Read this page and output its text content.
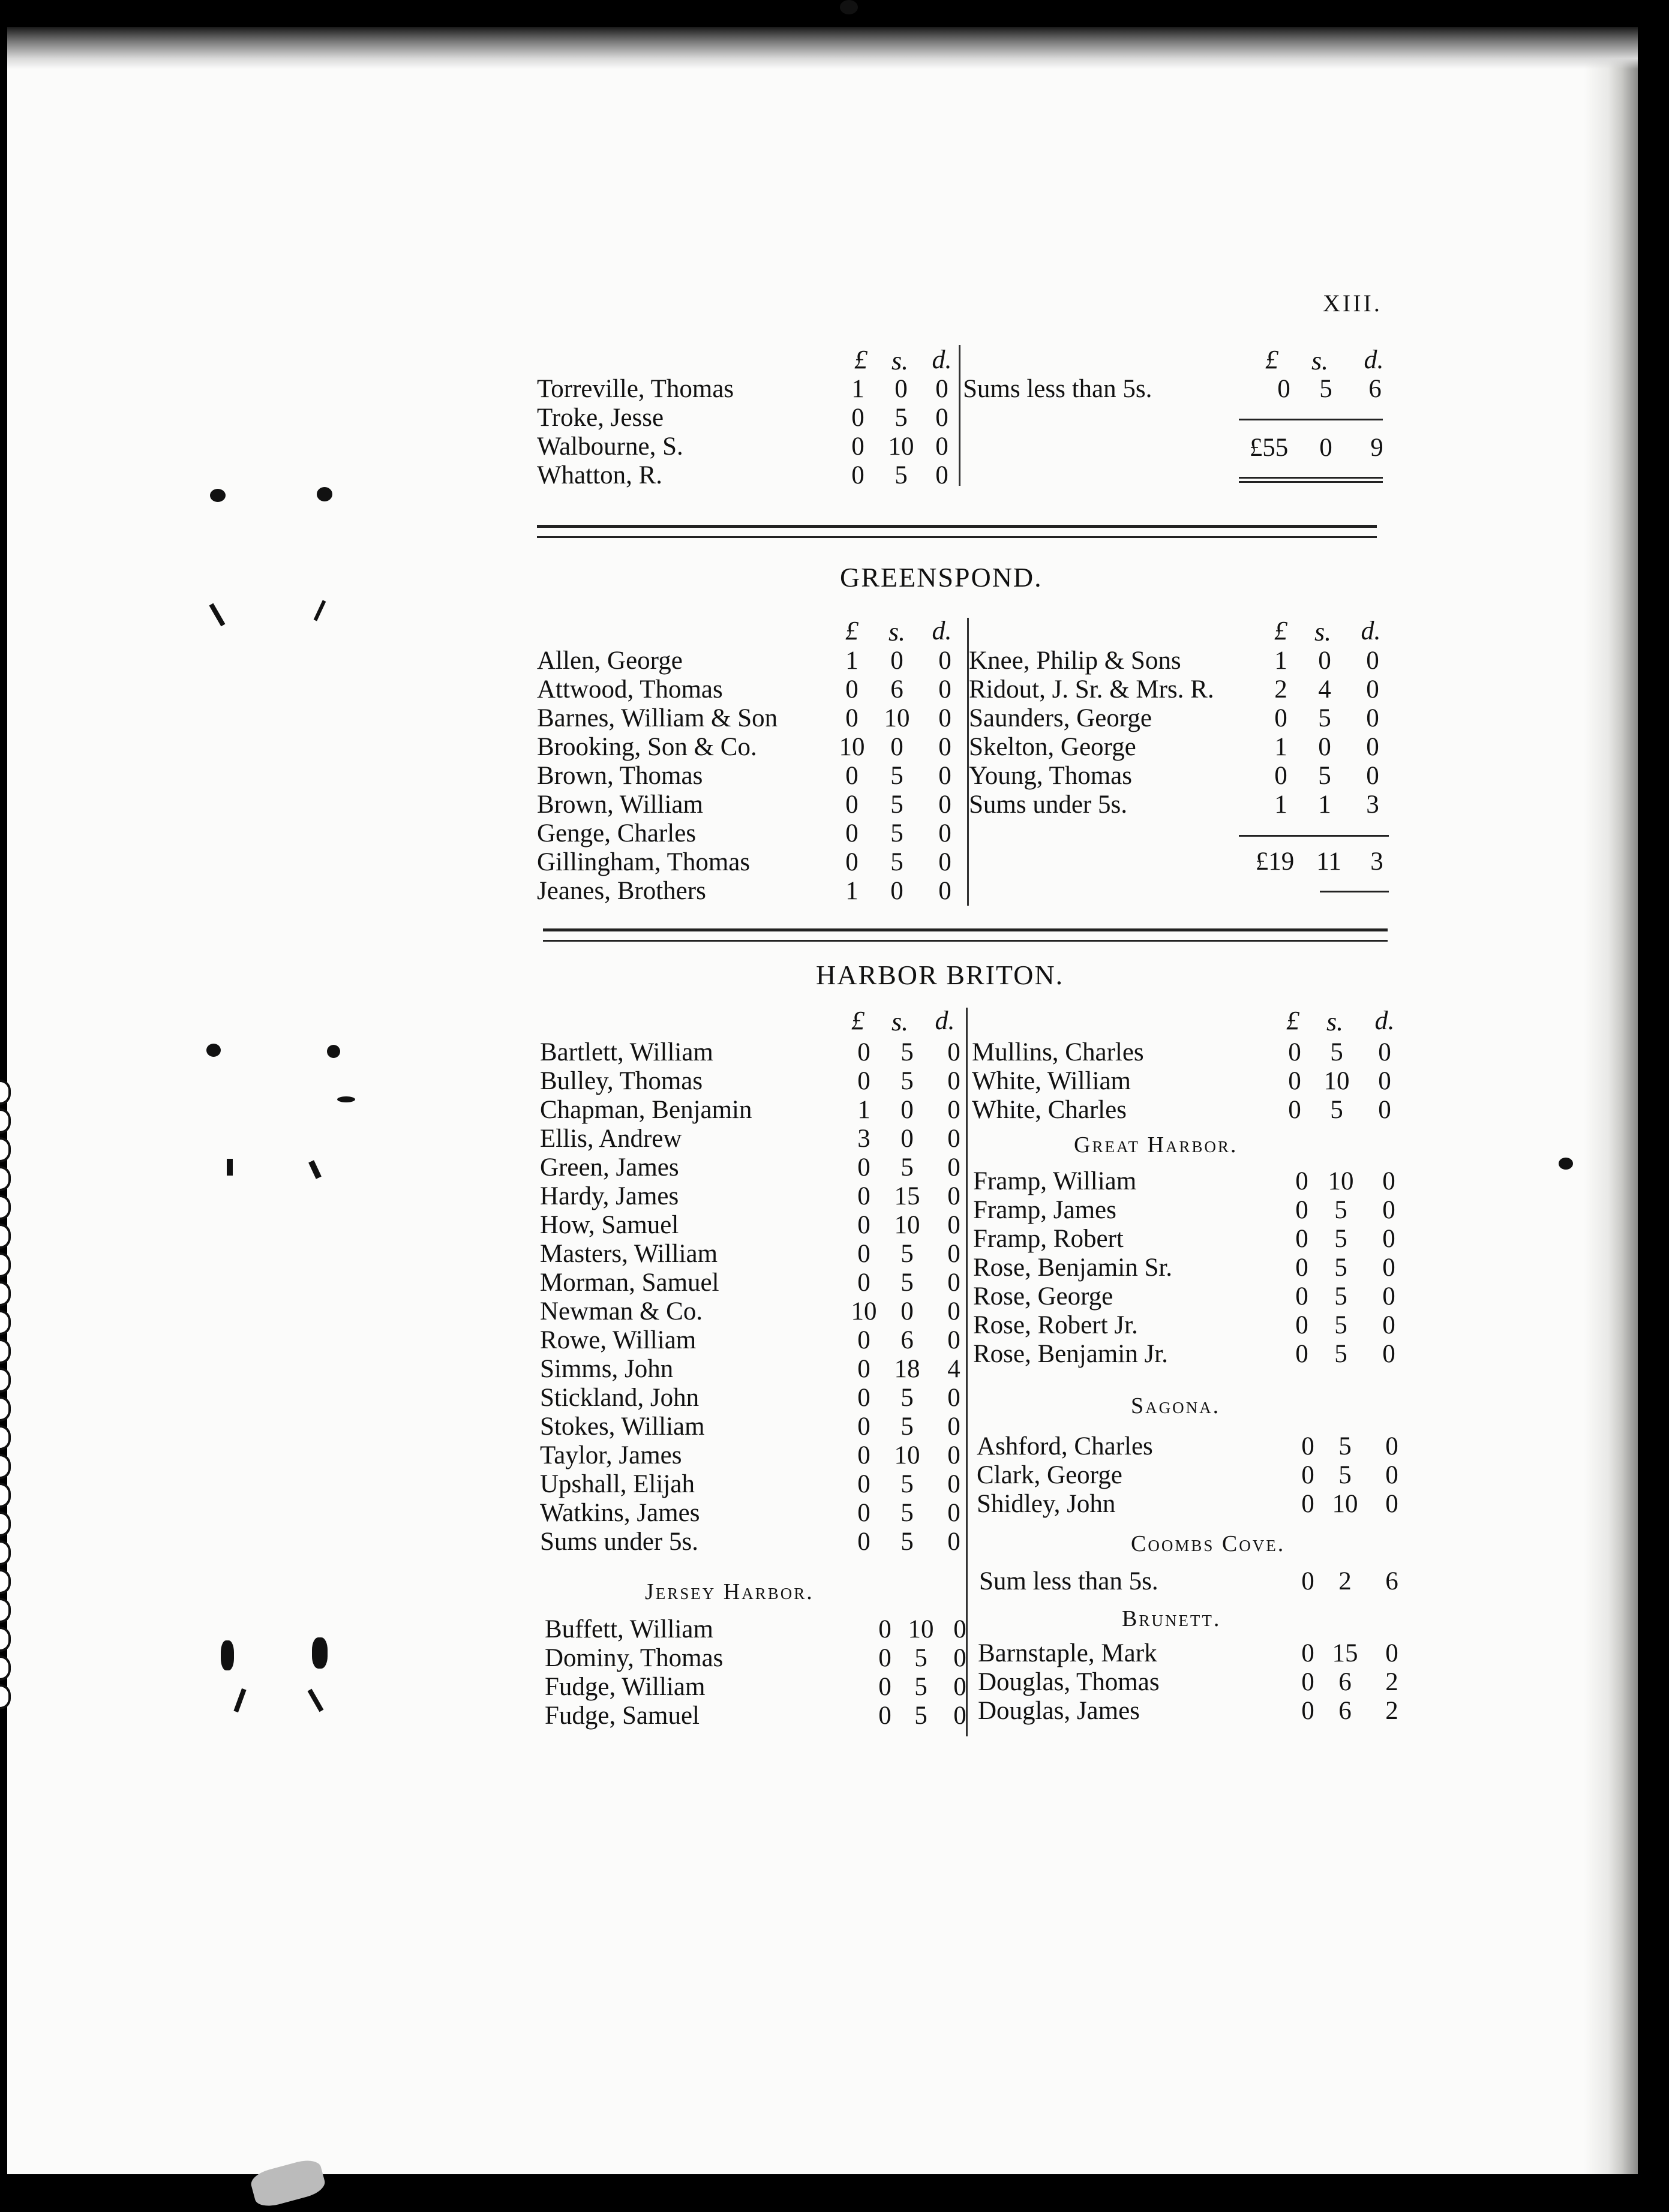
XIII.
£ s. d.	£	s.	d.
Torreville, Thomas	1	0	0
Troke, Jesse	0	5	0
Walbourne, S.	0 10 0
Whatton, R.	0	5	0
Sums less than 5s.	0	5	6
£55	0	9
GREENSPOND.
£	s.	d.	£	s.	d.
Allen, George	1	0	0
Attwood, Thomas	0	6	0
Barnes, William & Son	0 10	0
Brooking, Son & Co.	10 0	0
Brown, Thomas	0	5	0
Brown, William	0	5	0
Genge, Charles	0	5	0
Gillingham, Thomas	0	5	0
Jeanes, Brothers	1	0	0
Knee, Philip & Sons	1	0	0
Ridout, J. Sr. & Mrs. R.	2	4	0
Saunders, George	0	5	0
Skelton, George	1	0	0
Young, Thomas	0	5	0
Sums under 5s.	1	1	3
£19 11	3
HARBOR BRITON.
£	s.	d.	£	s.	d.
Bartlett, William	0	5	0
Bulley, Thomas	0	5	0
Chapman, Benjamin	1	0	0
Ellis, Andrew	3	0	0
Green, James	0	5	0
Hardy, James	0 15	0
How, Samuel	0 10	0
Masters, William	0	5	0
Morman, Samuel	0	5	0
Newman & Co.	10 0	0
Rowe, William	0	6	0
Simms, John	0 18	4
Stickland, John	0	5	0
Stokes, William	0	5	0
Taylor, James	0 10	0
Upshall, Elijah	0	5	0
Watkins, James	0	5	0
Sums under 5s.	0	5	0
Mullins, Charles	0	5	0
White, William	0 10	0
White, Charles	0	5	0
Great Harbor.
Framp, William	0 10	0
Framp, James	0	5	0
Framp, Robert	0	5	0
Rose, Benjamin Sr.	0	5	0
Rose, George	0	5	0
Rose, Robert Jr.	0	5	0
Rose, Benjamin Jr.	0	5	0
Sagona.
Ashford, Charles	0 5	0
Clark, George	0 5	0
Shidley, John	0 10	0
Coombs Cove.
Sum less than 5s.	0 2	6
Brunett.
Barnstaple, Mark	0 15	0
Douglas, Thomas	0 6	2
Douglas, James	0 6	2
Jersey Harbor.
Buffett, William	0 10 0
Dominy, Thomas	0 5	0
Fudge, William	0 5	0
Fudge, Samuel	0 5	0
